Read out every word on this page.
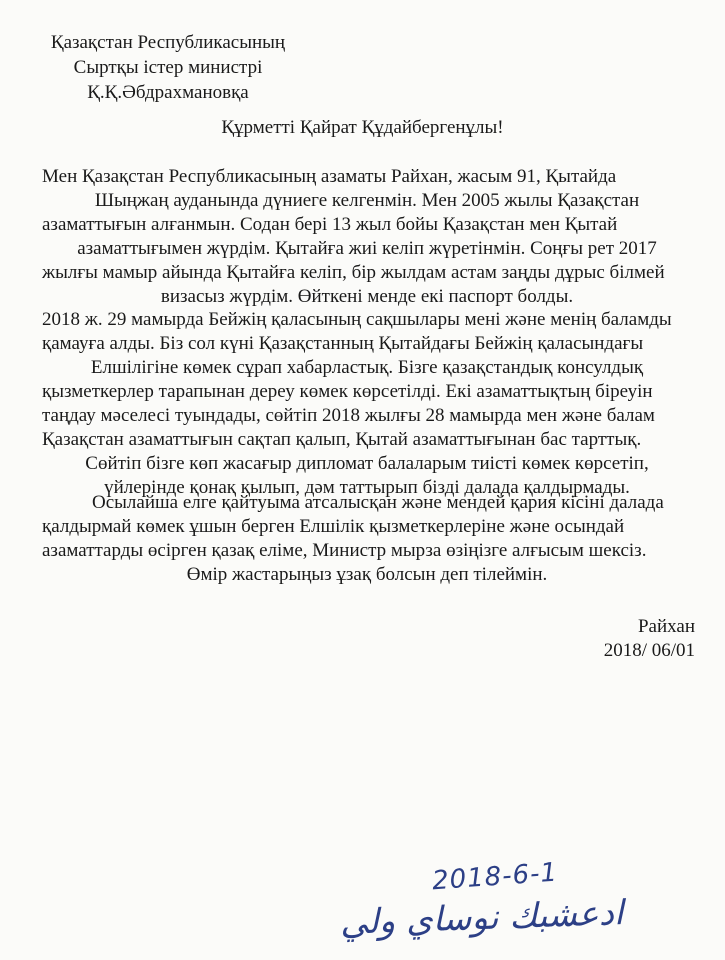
Қазақстан Республикасының
Сыртқы істер министрі
Қ.Қ.Әбдрахмановқа
Құрметті Қайрат Құдайбергенұлы!
Мен Қазақстан Республикасының азаматы Райхан, жасым 91, Қытайда
Шыңжаң ауданында дүниеге келгенмін. Мен 2005 жылы Қазақстан
азаматтығын алғанмын. Содан бері 13 жыл бойы Қазақстан мен Қытай
азаматтығымен жүрдім. Қытайға жиі келіп жүретінмін. Соңғы рет 2017
жылғы мамыр айында Қытайға келіп, бір жылдам астам заңды дұрыс білмей
визасыз жүрдім. Өйткені менде екі паспорт болды.
2018 ж. 29 мамырда Бейжің қаласының сақшылары мені және менің баламды
қамауға алды. Біз сол күні Қазақстанның Қытайдағы Бейжің қаласындағы
Елшілігіне көмек сұрап хабарластық. Бізге қазақстандық консулдық
қызметкерлер тарапынан дереу көмек көрсетілді. Екі азаматтықтың біреуін
таңдау мәселесі туындады, сөйтіп 2018 жылғы 28 мамырда мен және балам
Қазақстан азаматтығын сақтап қалып, Қытай азаматтығынан бас тарттық.
Сөйтіп бізге көп жасағыр дипломат балаларым тиісті көмек көрсетіп,
үйлерінде қонақ қылып, дәм таттырып бізді далада қалдырмады.
Осылайша елге қайтуыма атсалысқан және мендей қария кісіні далада
қалдырмай көмек ұшын берген Елшілік қызметкерлеріне және осындай
азаматтарды өсірген қазақ еліме, Министр мырза өзіңізге алғысым шексіз.
Өмір жастарыңыз ұзақ болсын деп тілеймін.
Райхан
2018/ 06/01
2018-6-1
ادعشبك نوساي ولي
